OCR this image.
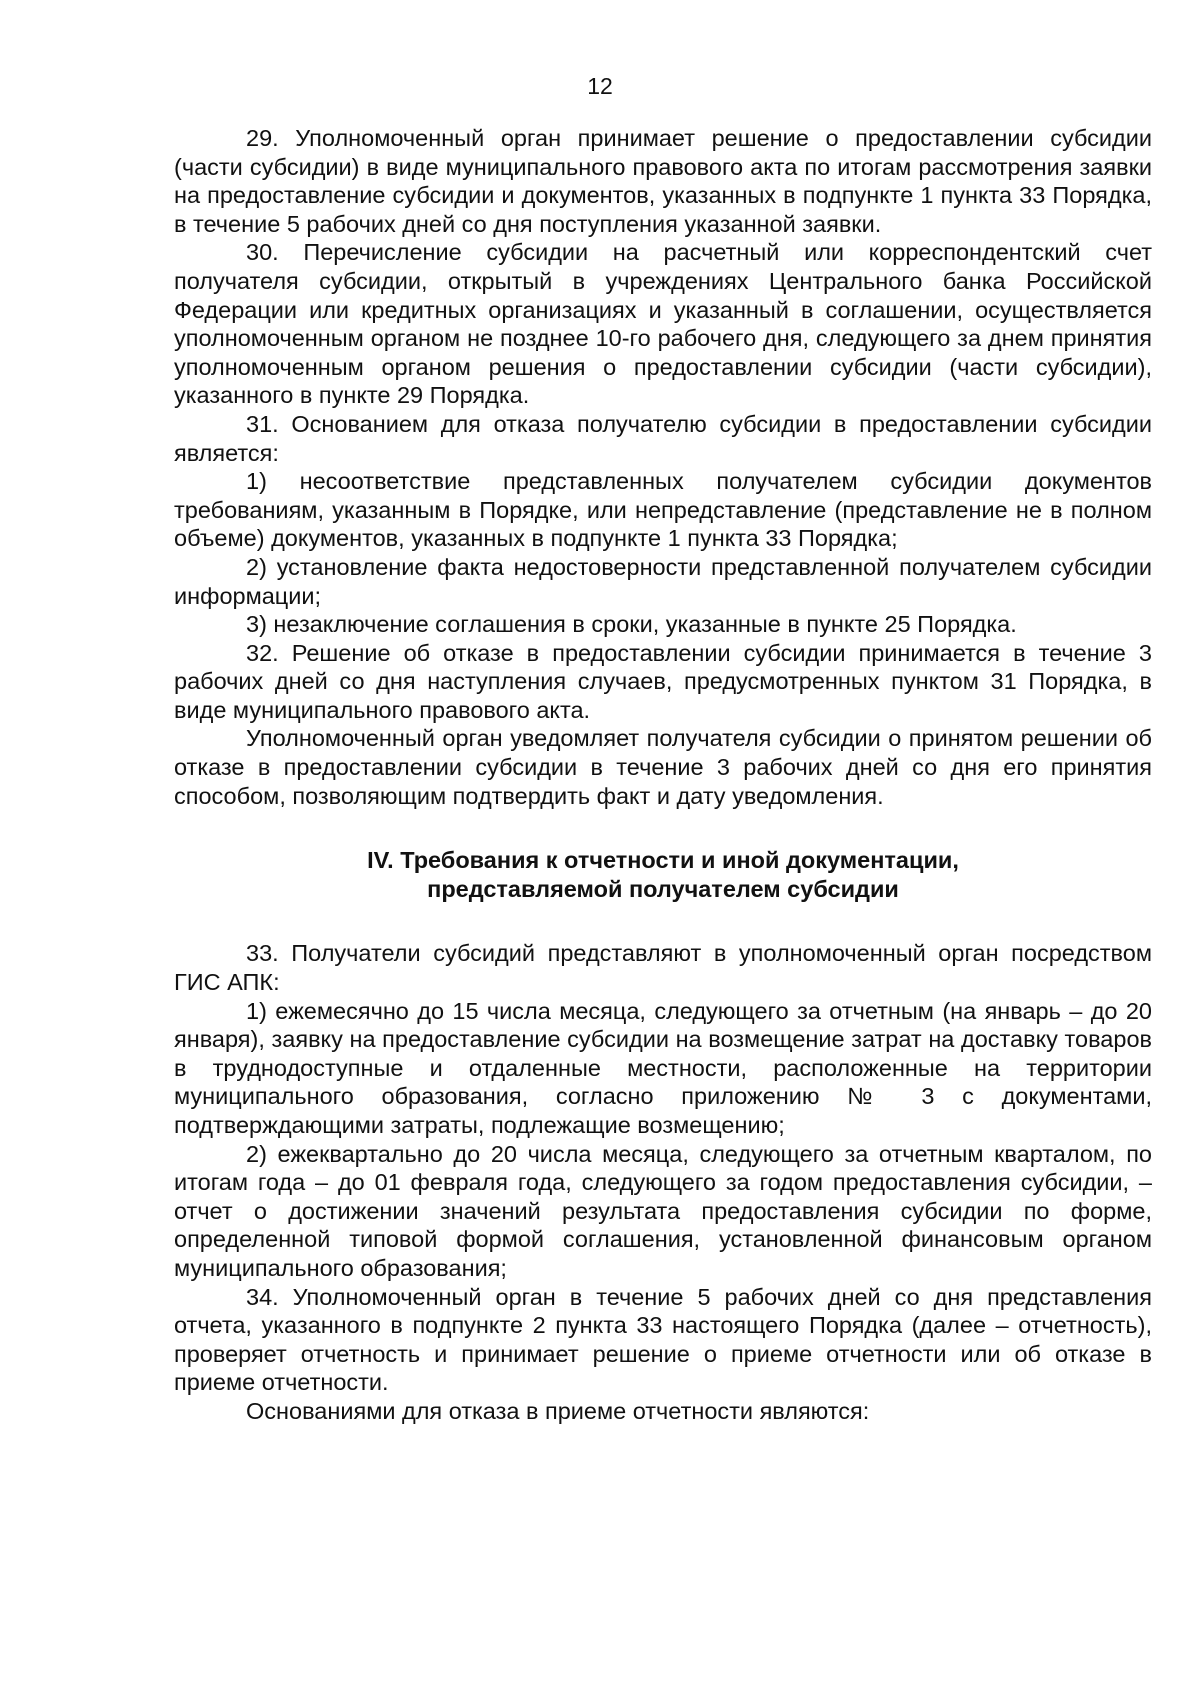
12

29. Уполномоченный орган принимает решение о предоставлении субсидии (части субсидии) в виде муниципального правового акта по итогам рассмотрения заявки на предоставление субсидии и документов, указанных в подпункте 1 пункта 33 Порядка, в течение 5 рабочих дней со дня поступления указанной заявки.

30. Перечисление субсидии на расчетный или корреспондентский счет получателя субсидии, открытый в учреждениях Центрального банка Российской Федерации или кредитных организациях и указанный в соглашении, осуществляется уполномоченным органом не позднее 10-го рабочего дня, следующего за днем принятия уполномоченным органом решения о предоставлении субсидии (части субсидии), указанного в пункте 29 Порядка.

31. Основанием для отказа получателю субсидии в предоставлении субсидии является:

1) несоответствие представленных получателем субсидии документов требованиям, указанным в Порядке, или непредставление (представление не в полном объеме) документов, указанных в подпункте 1 пункта 33 Порядка;

2) установление факта недостоверности представленной получателем субсидии информации;

3) незаключение соглашения в сроки, указанные в пункте 25 Порядка.

32. Решение об отказе в предоставлении субсидии принимается в течение 3 рабочих дней со дня наступления случаев, предусмотренных пунктом 31 Порядка, в виде муниципального правового акта.

Уполномоченный орган уведомляет получателя субсидии о принятом решении об отказе в предоставлении субсидии в течение 3 рабочих дней со дня его принятия способом, позволяющим подтвердить факт и дату уведомления.

IV. Требования к отчетности и иной документации,
представляемой получателем субсидии

33. Получатели субсидий представляют в уполномоченный орган посредством ГИС АПК:

1) ежемесячно до 15 числа месяца, следующего за отчетным (на январь – до 20 января), заявку на предоставление субсидии на возмещение затрат на доставку товаров в труднодоступные и отдаленные местности, расположенные на территории муниципального образования, согласно приложению № 3 с документами, подтверждающими затраты, подлежащие возмещению;

2) ежеквартально до 20 числа месяца, следующего за отчетным кварталом, по итогам года – до 01 февраля года, следующего за годом предоставления субсидии, – отчет о достижении значений результата предоставления субсидии по форме, определенной типовой формой соглашения, установленной финансовым органом муниципального образования;

34. Уполномоченный орган в течение 5 рабочих дней со дня представления отчета, указанного в подпункте 2 пункта 33 настоящего Порядка (далее – отчетность), проверяет отчетность и принимает решение о приеме отчетности или об отказе в приеме отчетности.

Основаниями для отказа в приеме отчетности являются:
